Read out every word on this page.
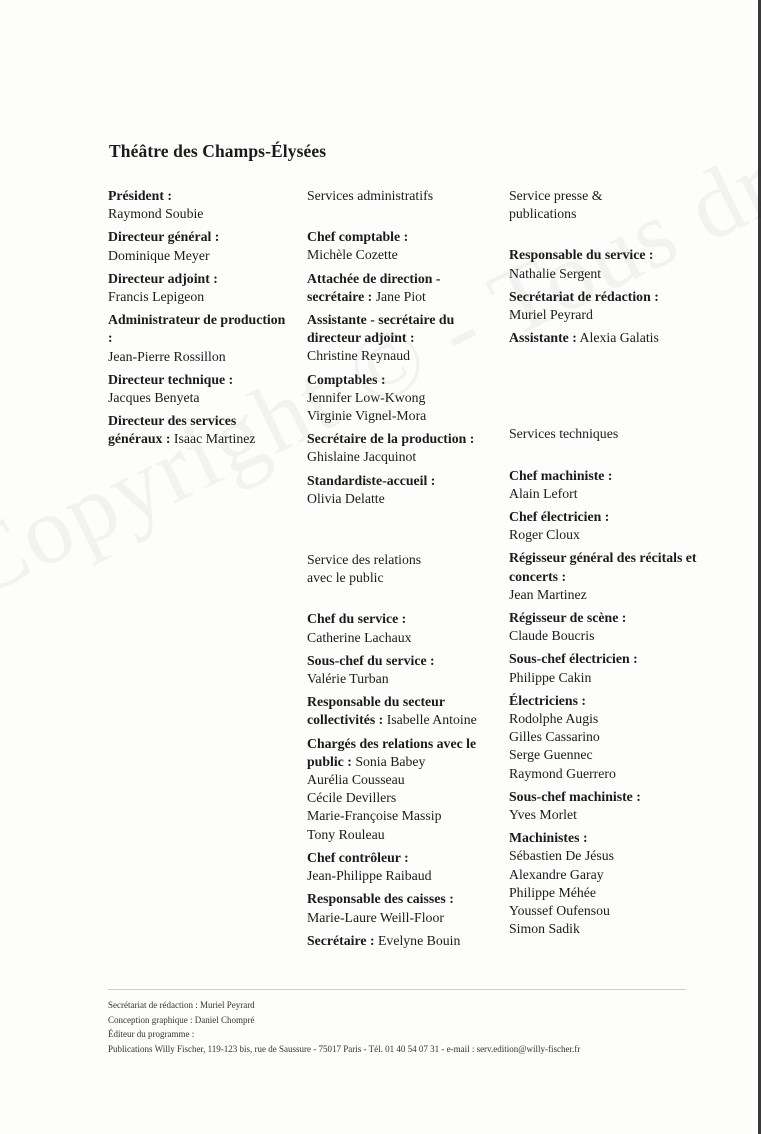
Théâtre des Champs-Élysées
Président :
Raymond Soubie
Directeur général :
Dominique Meyer
Directeur adjoint :
Francis Lepigeon
Administrateur de production :
Jean-Pierre Rossillon
Directeur technique :
Jacques Benyeta
Directeur des services généraux : Isaac Martinez
Services administratifs
Chef comptable :
Michèle Cozette
Attachée de direction - secrétaire : Jane Piot
Assistante - secrétaire du directeur adjoint :
Christine Reynaud
Comptables :
Jennifer Low-Kwong
Virginie Vignel-Mora
Secrétaire de la production :
Ghislaine Jacquinot
Standardiste-accueil :
Olivia Delatte
Service des relations avec le public
Chef du service :
Catherine Lachaux
Sous-chef du service :
Valérie Turban
Responsable du secteur collectivités : Isabelle Antoine
Chargés des relations avec le public : Sonia Babey
Aurélia Cousseau
Cécile Devillers
Marie-Françoise Massip
Tony Rouleau
Chef contrôleur :
Jean-Philippe Raibaud
Responsable des caisses :
Marie-Laure Weill-Floor
Secrétaire : Evelyne Bouin
Service presse & publications
Responsable du service :
Nathalie Sergent
Secrétariat de rédaction :
Muriel Peyrard
Assistante : Alexia Galatis
Services techniques
Chef machiniste :
Alain Lefort
Chef électricien :
Roger Cloux
Régisseur général des récitals et concerts :
Jean Martinez
Régisseur de scène :
Claude Boucris
Sous-chef électricien :
Philippe Cakin
Électriciens :
Rodolphe Augis
Gilles Cassarino
Serge Guennec
Raymond Guerrero
Sous-chef machiniste :
Yves Morlet
Machinistes :
Sébastien De Jésus
Alexandre Garay
Philippe Méhée
Youssef Oufensou
Simon Sadik
Secrétariat de rédaction : Muriel Peyrard
Conception graphique : Daniel Chompré
Éditeur du programme :
Publications Willy Fischer, 119-123 bis, rue de Saussure - 75017 Paris - Tél. 01 40 54 07 31 - e-mail : serv.edition@willy-fischer.fr
